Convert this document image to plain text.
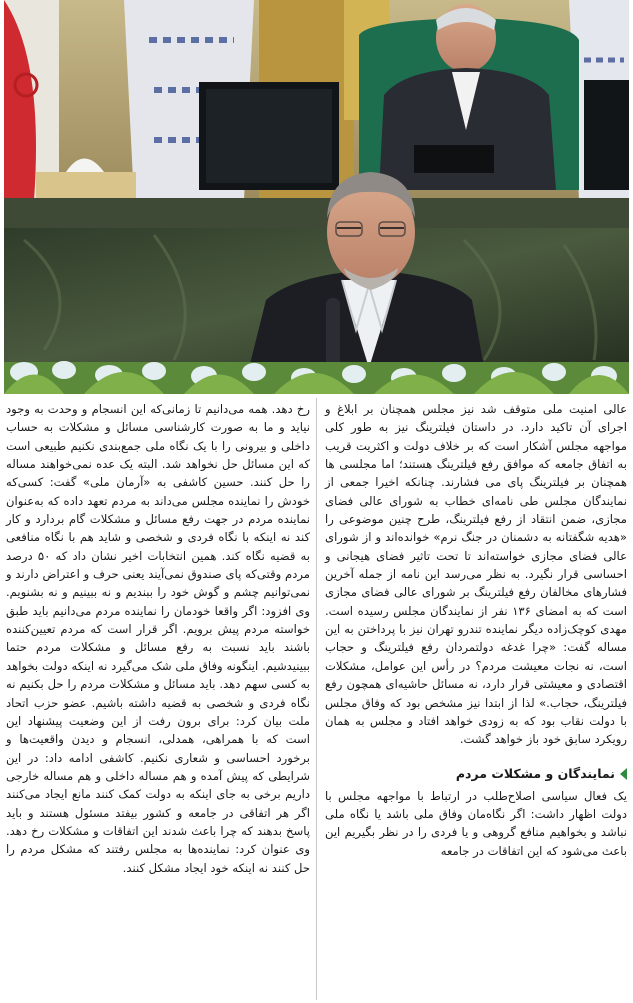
عالی امنیت ملی متوقف شد نیز مجلس همچنان بر ابلاغ و اجرای آن تاکید دارد. در داستان فیلترینگ نیز به طور کلی مواجهه مجلس آشکار است که بر خلاف دولت و اکثریت قریب به اتفاق جامعه که موافق رفع فیلترینگ هستند؛ اما مجلسی ها همچنان بر فیلترینگ پای می فشارند. چنانکه اخیرا جمعی از نمایندگان مجلس طی نامه‌ای خطاب به شورای عالی فضای مجازی، ضمن انتقاد از رفع فیلترینگ، طرح چنین موضوعی را «هدیه شگفتانه به دشمنان در جنگ نرم» خوانده‌اند و از شورای عالی فضای مجازی خواسته‌اند تا تحت تاثیر فضای هیجانی و احساسی قرار نگیرد. به نظر می‌رسد این نامه از جمله آخرین فشارهای مخالفان رفع فیلترینگ بر شورای عالی فضای مجازی است که به امضای ۱۳۶ نفر از نمایندگان مجلس رسیده است. مهدی کوچک‌زاده دیگر نماینده تندرو تهران نیز با پرداختن به این مساله گفت: «چرا غدغه دولتمردان رفع فیلترینگ و حجاب است، نه نجات معیشت مردم؟ در رأس این عوامل، مشکلات اقتصادی و معیشتی قرار دارد، نه مسائل حاشیه‌ای همچون رفع فیلترینگ، حجاب.» لذا از ابتدا نیز مشخص بود که وفاق مجلس با دولت نقاب بود که به زودی خواهد افتاد و مجلس به همان رویکرد سابق خود باز خواهد گشت.

نمایندگان و مشکلات مردم

یک فعال سیاسی اصلاح‌طلب در ارتباط با مواجهه مجلس با دولت اظهار داشت: اگر نگاه‌مان وفاق ملی باشد یا نگاه ملی نباشد و بخواهیم منافع گروهی و یا فردی را در نظر بگیریم این باعث می‌شود که این اتفاقات در جامعه

رخ دهد. همه می‌دانیم تا زمانی‌که این انسجام و وحدت به وجود نیاید و ما به صورت کارشناسی مسائل و مشکلات به حساب داخلی و بیرونی را با یک نگاه ملی جمع‌بندی نکنیم طبیعی است که این مسائل حل نخواهد شد. البته یک عده نمی‌خواهند مساله را حل کنند. حسین کاشفی به «آرمان ملی» گفت: کسی‌که خودش را نماینده مجلس می‌داند به مردم تعهد داده که به‌عنوان نماینده مردم در جهت رفع مسائل و مشکلات گام بردارد و کار کند نه اینکه با نگاه فردی و شخصی و شاید هم با نگاه منافعی به قضیه نگاه کند. همین انتخابات اخیر نشان داد که ۵۰ درصد مردم وقتی‌که پای صندوق نمی‌آیند یعنی حرف و اعتراض دارند و نمی‌توانیم چشم و گوش خود را ببندیم و نه ببینیم و نه بشنویم. وی افزود: اگر واقعا خودمان را نماینده مردم می‌دانیم باید طبق خواسته مردم پیش برویم. اگر قرار است که مردم تعیین‌کننده باشند باید نسبت به رفع مسائل و مشکلات مردم حتما ببینیدشیم. اینگونه وفاق ملی شک می‌گیرد نه اینکه دولت بخواهد به کسی سهم دهد. باید مسائل و مشکلات مردم را حل بکنیم نه نگاه فردی و شخصی به قضیه داشته باشیم. عضو حزب اتحاد ملت بیان کرد: برای برون رفت از این وضعیت پیشنهاد این است که با همراهی، همدلی، انسجام و دیدن واقعیت‌ها و برخورد احساسی و شعاری نکنیم. کاشفی ادامه داد: در این شرایطی که پیش آمده و هم مساله داخلی و هم مساله خارجی داریم برخی به جای اینکه به دولت کمک کنند مانع ایجاد می‌کنند اگر هر اتفاقی در جامعه و کشور بیفتد مسئول هستند و باید پاسخ بدهند که چرا باعث شدند این اتفاقات و مشکلات رخ دهد. وی عنوان کرد: نماینده‌ها به مجلس رفتند که مشکل مردم را حل کنند نه اینکه خود ایجاد مشکل کنند.
